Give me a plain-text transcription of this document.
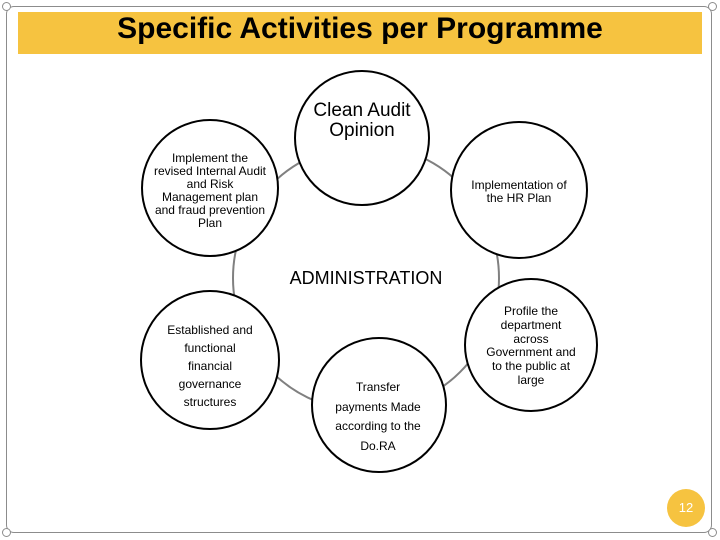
Specific Activities per Programme
Clean Audit Opinion
Implement the revised Internal Audit and Risk Management plan and fraud prevention Plan
Implementation of the HR Plan
ADMINISTRATION
Profile the department across Government and to the public at large
Established and functional financial governance structures
Transfer payments Made according to the Do.RA
12
